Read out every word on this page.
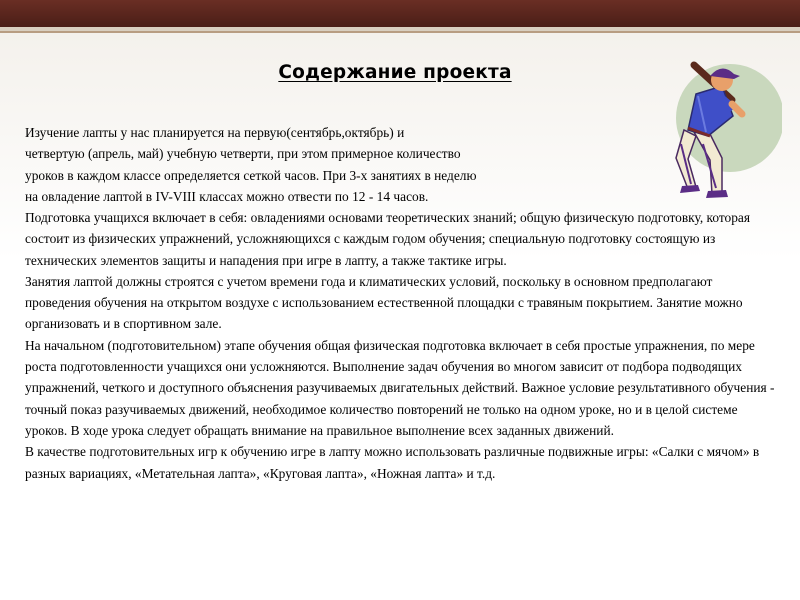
Содержание проекта
Изучение лапты у нас планируется на первую(сентябрь,октябрь) и
четвертую (апрель, май) учебную четверти, при этом примерное количество
уроков в каждом классе определяется сеткой часов. При 3-х занятиях в неделю
на овладение лаптой в IV-VIII классах можно отвести по 12 - 14 часов.

Подготовка учащихся включает в себя: овладениями основами теоретических знаний; общую физическую подготовку, которая состоит из физических упражнений, усложняющихся с каждым годом обучения; специальную подготовку состоящую из технических элементов защиты и нападения при игре в лапту, а также тактике игры.

Занятия лаптой должны строятся с учетом времени года и климатических условий, поскольку в основном предполагают проведения обучения на открытом воздухе с использованием естественной площадки с травяным покрытием. Занятие можно организовать и в спортивном зале.

На начальном (подготовительном) этапе обучения общая физическая подготовка включает в себя простые упражнения, по мере роста подготовленности учащихся они усложняются. Выполнение задач обучения во многом зависит от подбора подводящих упражнений, четкого и доступного объяснения разучиваемых двигательных действий. Важное условие результативного обучения - точный показ разучиваемых движений, необходимое количество повторений не только на одном уроке, но и в целой системе уроков. В ходе урока следует обращать внимание на правильное выполнение всех заданных движений.

В качестве подготовительных игр к обучению игре в лапту можно использовать различные подвижные игры: «Салки с мячом» в разных вариациях, «Метательная лапта», «Круговая лапта», «Ножная лапта» и т.д.
